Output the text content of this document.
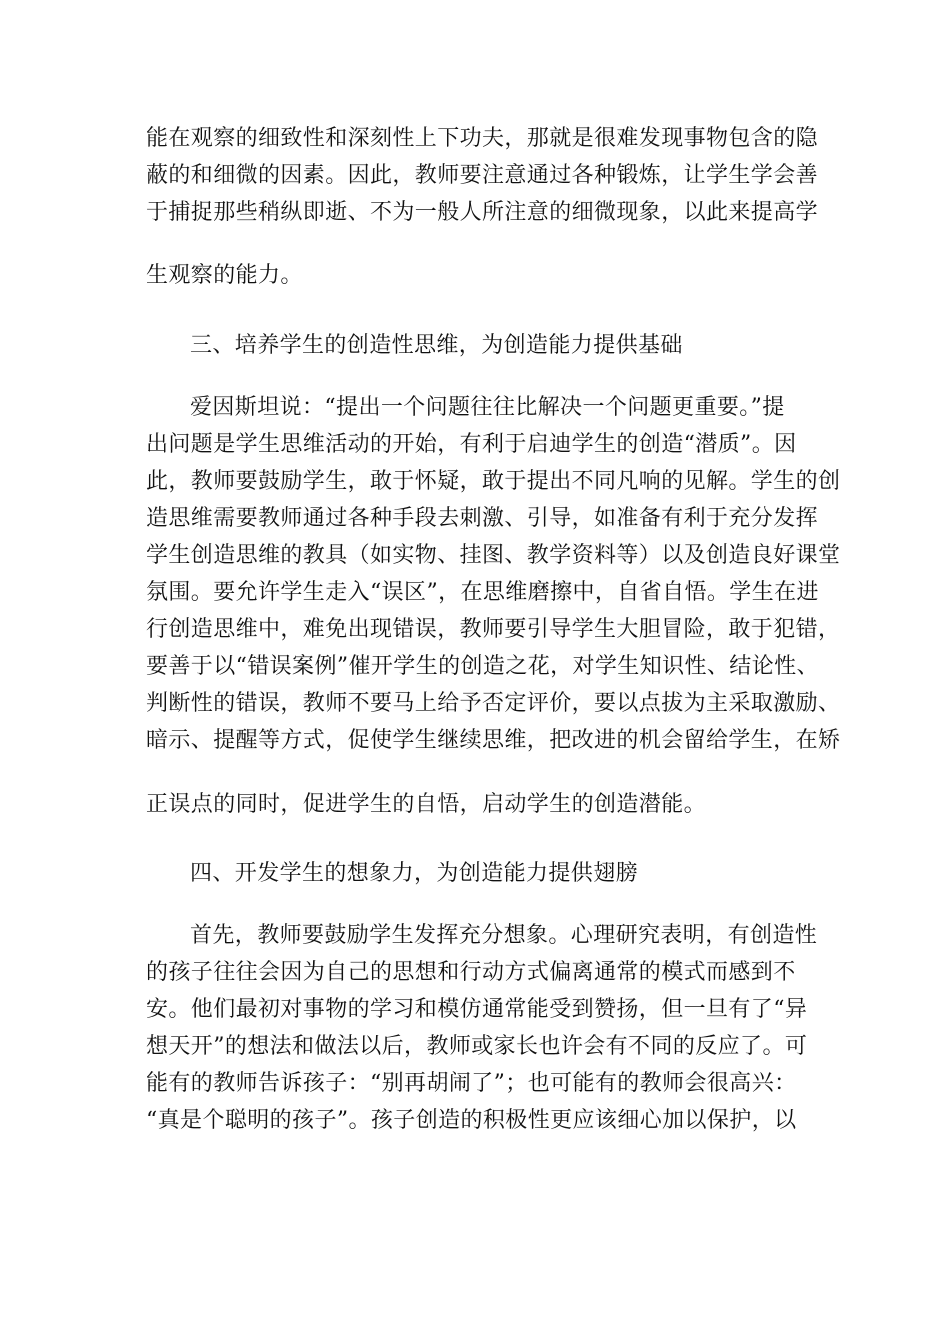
能在观察的细致性和深刻性上下功夫，那就是很难发现事物包含的隐
蔽的和细微的因素。因此，教师要注意通过各种锻炼，让学生学会善
于捕捉那些稍纵即逝、不为一般人所注意的细微现象，以此来提高学
生观察的能力。
三、培养学生的创造性思维，为创造能力提供基础
爱因斯坦说：“提出一个问题往往比解决一个问题更重要。”提
出问题是学生思维活动的开始，有利于启迪学生的创造“潜质”。因
此，教师要鼓励学生，敢于怀疑，敢于提出不同凡响的见解。学生的创
造思维需要教师通过各种手段去刺激、引导，如准备有利于充分发挥
学生创造思维的教具（如实物、挂图、教学资料等）以及创造良好课堂
氛围。要允许学生走入“误区”，在思维磨擦中，自省自悟。学生在进
行创造思维中，难免出现错误，教师要引导学生大胆冒险，敢于犯错，
要善于以“错误案例”催开学生的创造之花，对学生知识性、结论性、
判断性的错误，教师不要马上给予否定评价，要以点拔为主采取激励、
暗示、提醒等方式，促使学生继续思维，把改进的机会留给学生，在矫
正误点的同时，促进学生的自悟，启动学生的创造潜能。
四、开发学生的想象力，为创造能力提供翅膀
首先，教师要鼓励学生发挥充分想象。心理研究表明，有创造性
的孩子往往会因为自己的思想和行动方式偏离通常的模式而感到不
安。他们最初对事物的学习和模仿通常能受到赞扬，但一旦有了“异
想天开”的想法和做法以后，教师或家长也许会有不同的反应了。可
能有的教师告诉孩子：“别再胡闹了”；也可能有的教师会很高兴：
“真是个聪明的孩子”。孩子创造的积极性更应该细心加以保护，以
